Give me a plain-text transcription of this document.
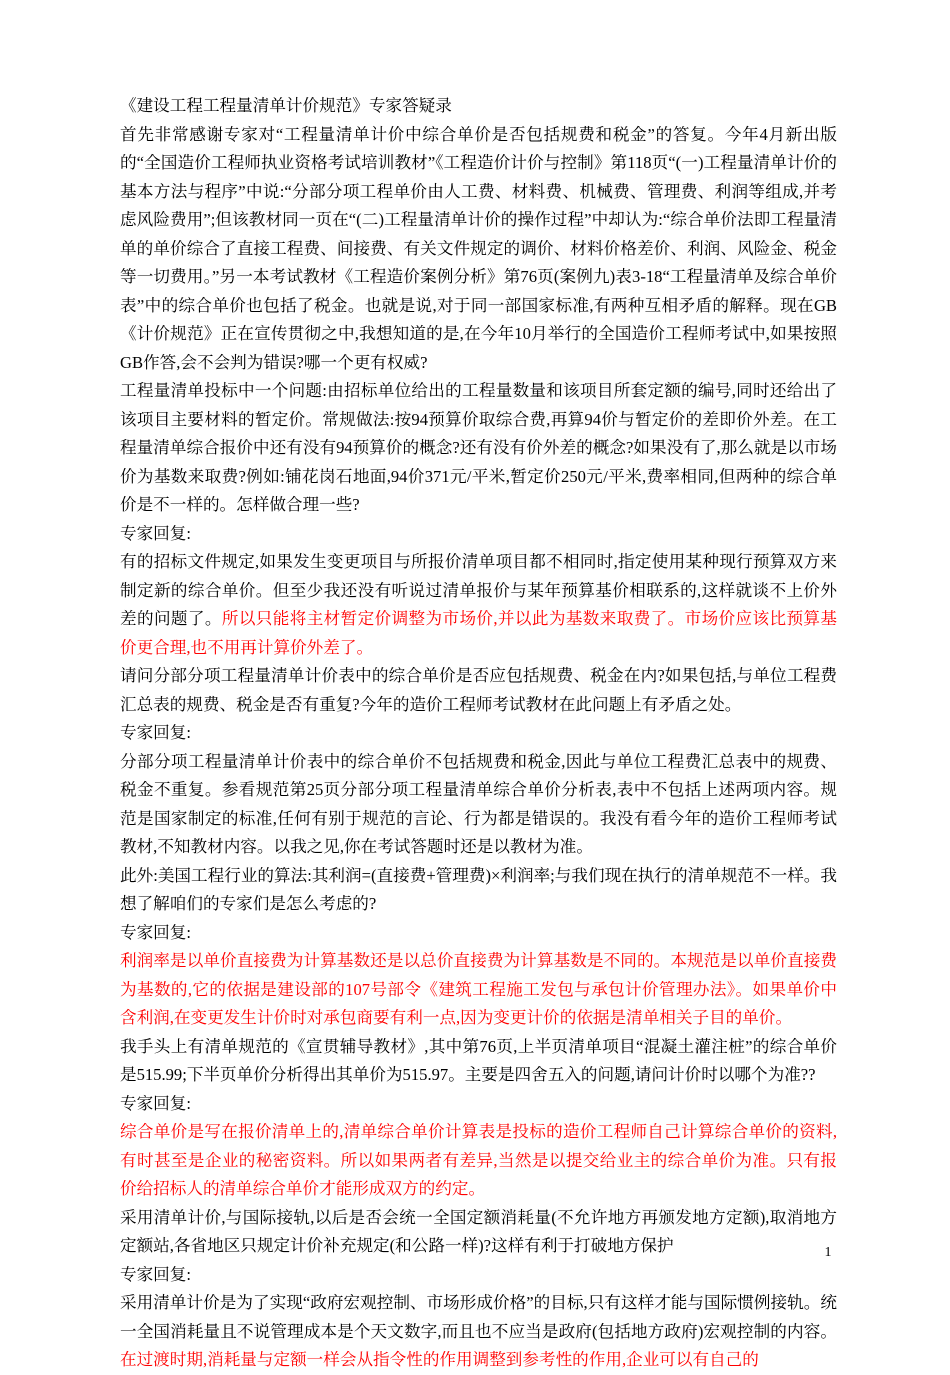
《建设工程工程量清单计价规范》专家答疑录

首先非常感谢专家对“工程量清单计价中综合单价是否包括规费和税金”的答复。今年4月新出版的“全国造价工程师执业资格考试培训教材”《工程造价计价与控制》第118页“(一)工程量清单计价的基本方法与程序”中说:“分部分项工程单价由人工费、材料费、机械费、管理费、利润等组成,并考虑风险费用”;但该教材同一页在“(二)工程量清单计价的操作过程”中却认为:“综合单价法即工程量清单的单价综合了直接工程费、间接费、有关文件规定的调价、材料价格差价、利润、风险金、税金等一切费用。”另一本考试教材《工程造价案例分析》第76页(案例九)表3-18“工程量清单及综合单价表”中的综合单价也包括了税金。也就是说,对于同一部国家标准,有两种互相矛盾的解释。现在GB《计价规范》正在宣传贯彻之中,我想知道的是,在今年10月举行的全国造价工程师考试中,如果按照GB作答,会不会判为错误?哪一个更有权威?

工程量清单投标中一个问题:由招标单位给出的工程量数量和该项目所套定额的编号,同时还给出了该项目主要材料的暂定价。常规做法:按94预算价取综合费,再算94价与暂定价的差即价外差。在工程量清单综合报价中还有没有94预算价的概念?还有没有价外差的概念?如果没有了,那么就是以市场价为基数来取费?例如:铺花岗石地面,94价371元/平米,暂定价250元/平米,费率相同,但两种的综合单价是不一样的。怎样做合理一些?

专家回复:

有的招标文件规定,如果发生变更项目与所报价清单项目都不相同时,指定使用某种现行预算双方来制定新的综合单价。但至少我还没有听说过清单报价与某年预算基价相联系的,这样就谈不上价外差的问题了。所以只能将主材暂定价调整为市场价,并以此为基数来取费了。市场价应该比预算基价更合理,也不用再计算价外差了。

请问分部分项工程量清单计价表中的综合单价是否应包括规费、税金在内?如果包括,与单位工程费汇总表的规费、税金是否有重复?今年的造价工程师考试教材在此问题上有矛盾之处。

专家回复:

分部分项工程量清单计价表中的综合单价不包括规费和税金,因此与单位工程费汇总表中的规费、税金不重复。参看规范第25页分部分项工程量清单综合单价分析表,表中不包括上述两项内容。规范是国家制定的标准,任何有别于规范的言论、行为都是错误的。我没有看今年的造价工程师考试教材,不知教材内容。以我之见,你在考试答题时还是以教材为准。

此外:美国工程行业的算法:其利润=(直接费+管理费)×利润率;与我们现在执行的清单规范不一样。我想了解咱们的专家们是怎么考虑的?

专家回复:

利润率是以单价直接费为计算基数还是以总价直接费为计算基数是不同的。本规范是以单价直接费为基数的,它的依据是建设部的107号部令《建筑工程施工发包与承包计价管理办法》。如果单价中含利润,在变更发生计价时对承包商要有利一点,因为变更计价的依据是清单相关子目的单价。

我手头上有清单规范的《宣贯辅导教材》,其中第76页,上半页清单项目“混凝土灌注桩”的综合单价是515.99;下半页单价分析得出其单价为515.97。主要是四舍五入的问题,请问计价时以哪个为准??

专家回复:

综合单价是写在报价清单上的,清单综合单价计算表是投标的造价工程师自己计算综合单价的资料,有时甚至是企业的秘密资料。所以如果两者有差异,当然是以提交给业主的综合单价为准。只有报价给招标人的清单综合单价才能形成双方的约定。

采用清单计价,与国际接轨,以后是否会统一全国定额消耗量(不允许地方再颁发地方定额),取消地方定额站,各省地区只规定计价补充规定(和公路一样)?这样有利于打破地方保护

专家回复:

采用清单计价是为了实现“政府宏观控制、市场形成价格”的目标,只有这样才能与国际惯例接轨。统一全国消耗量且不说管理成本是个天文数字,而且也不应当是政府(包括地方政府)宏观控制的内容。在过渡时期,消耗量与定额一样会从指令性的作用调整到参考性的作用,企业可以有自己的

1
